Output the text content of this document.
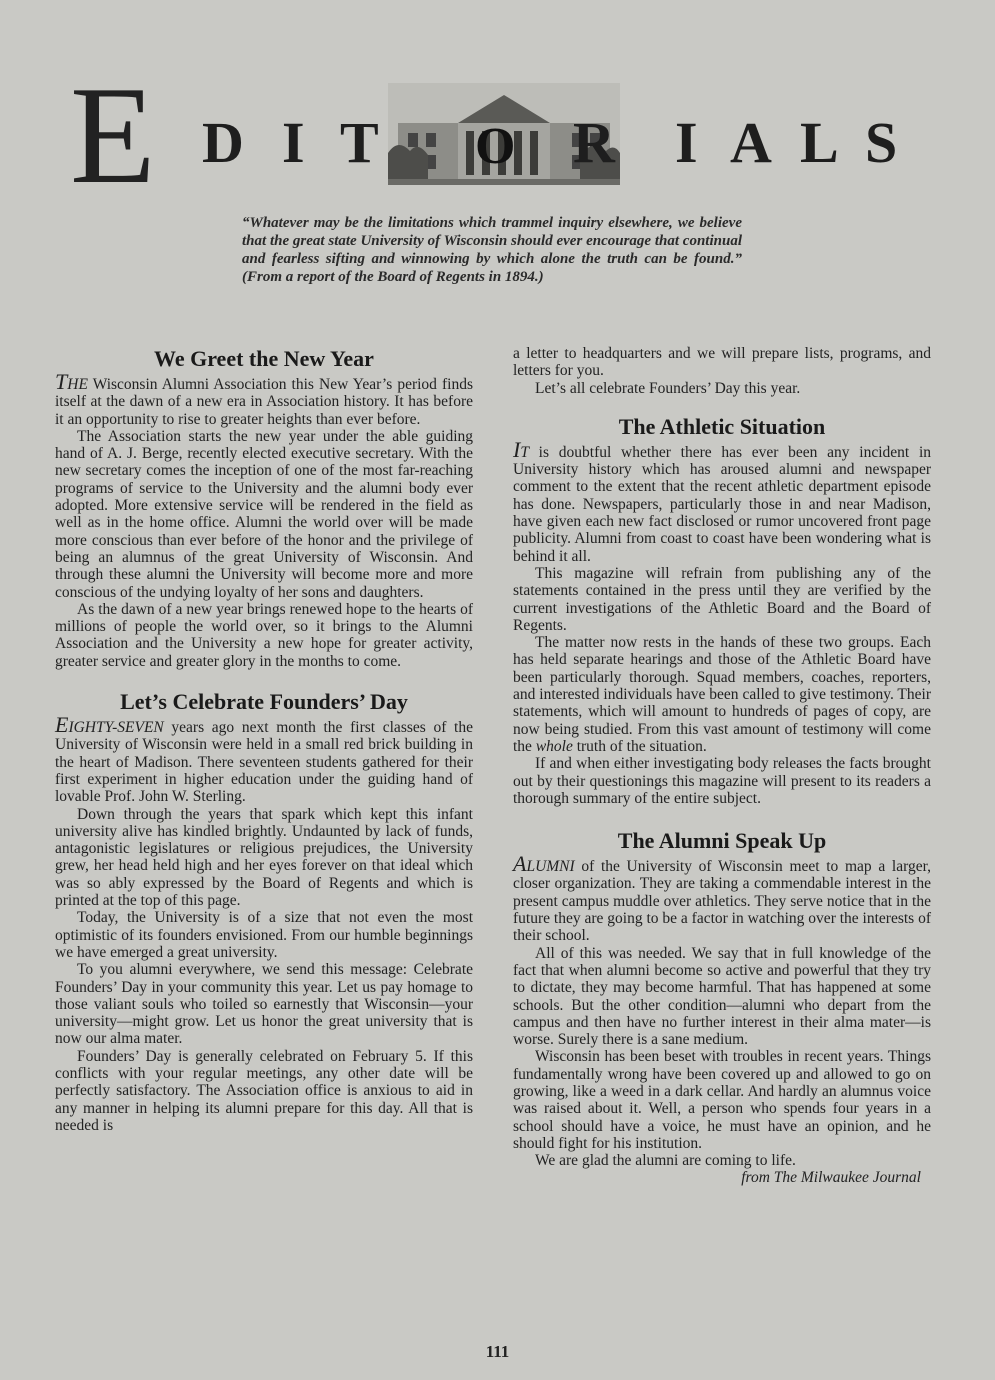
E D I T	R I A L S
O

“Whatever may be the limitations which trammel inquiry elsewhere, we believe that the great state University of Wisconsin should ever encourage that continual and fearless sifting and winnowing by which alone the truth can be found.” (From a report of the Board of Regents in 1894.)

We Greet the New Year

THE Wisconsin Alumni Association this New Year’s period finds itself at the dawn of a new era in Association history. It has before it an opportunity to rise to greater heights than ever before.

The Association starts the new year under the able guiding hand of A. J. Berge, recently elected executive secretary. With the new secretary comes the inception of one of the most far-reaching programs of service to the University and the alumni body ever adopted. More extensive service will be rendered in the field as well as in the home office. Alumni the world over will be made more conscious than ever before of the honor and the privilege of being an alumnus of the great University of Wisconsin. And through these alumni the University will become more and more conscious of the undying loyalty of her sons and daughters.

As the dawn of a new year brings renewed hope to the hearts of millions of people the world over, so it brings to the Alumni Association and the University a new hope for greater activity, greater service and greater glory in the months to come.

Let’s Celebrate Founders’ Day

EIGHTY-SEVEN years ago next month the first classes of the University of Wisconsin were held in a small red brick building in the heart of Madison. There seventeen students gathered for their first experiment in higher education under the guiding hand of lovable Prof. John W. Sterling.

Down through the years that spark which kept this infant university alive has kindled brightly. Undaunted by lack of funds, antagonistic legislatures or religious prejudices, the University grew, her head held high and her eyes forever on that ideal which was so ably expressed by the Board of Regents and which is printed at the top of this page.

Today, the University is of a size that not even the most optimistic of its founders envisioned. From our humble beginnings we have emerged a great university.

To you alumni everywhere, we send this message: Celebrate Founders’ Day in your community this year. Let us pay homage to those valiant souls who toiled so earnestly that Wisconsin—your university—might grow. Let us honor the great university that is now our alma mater.

Founders’ Day is generally celebrated on February 5. If this conflicts with your regular meetings, any other date will be perfectly satisfactory. The Association office is anxious to aid in any manner in helping its alumni prepare for this day. All that is needed is

a letter to headquarters and we will prepare lists, programs, and letters for you.

Let’s all celebrate Founders’ Day this year.

The Athletic Situation

IT is doubtful whether there has ever been any incident in University history which has aroused alumni and newspaper comment to the extent that the recent athletic department episode has done. Newspapers, particularly those in and near Madison, have given each new fact disclosed or rumor uncovered front page publicity. Alumni from coast to coast have been wondering what is behind it all.

This magazine will refrain from publishing any of the statements contained in the press until they are verified by the current investigations of the Athletic Board and the Board of Regents.

The matter now rests in the hands of these two groups. Each has held separate hearings and those of the Athletic Board have been particularly thorough. Squad members, coaches, reporters, and interested individuals have been called to give testimony. Their statements, which will amount to hundreds of pages of copy, are now being studied. From this vast amount of testimony will come the whole truth of the situation.

If and when either investigating body releases the facts brought out by their questionings this magazine will present to its readers a thorough summary of the entire subject.

The Alumni Speak Up

ALUMNI of the University of Wisconsin meet to map a larger, closer organization. They are taking a commendable interest in the present campus muddle over athletics. They serve notice that in the future they are going to be a factor in watching over the interests of their school.

All of this was needed. We say that in full knowledge of the fact that when alumni become so active and powerful that they try to dictate, they may become harmful. That has happened at some schools. But the other condition—alumni who depart from the campus and then have no further interest in their alma mater—is worse. Surely there is a sane medium.

Wisconsin has been beset with troubles in recent years. Things fundamentally wrong have been covered up and allowed to go on growing, like a weed in a dark cellar. And hardly an alumnus voice was raised about it. Well, a person who spends four years in a school should have a voice, he must have an opinion, and he should fight for his institution.

We are glad the alumni are coming to life.

from The Milwaukee Journal

111
